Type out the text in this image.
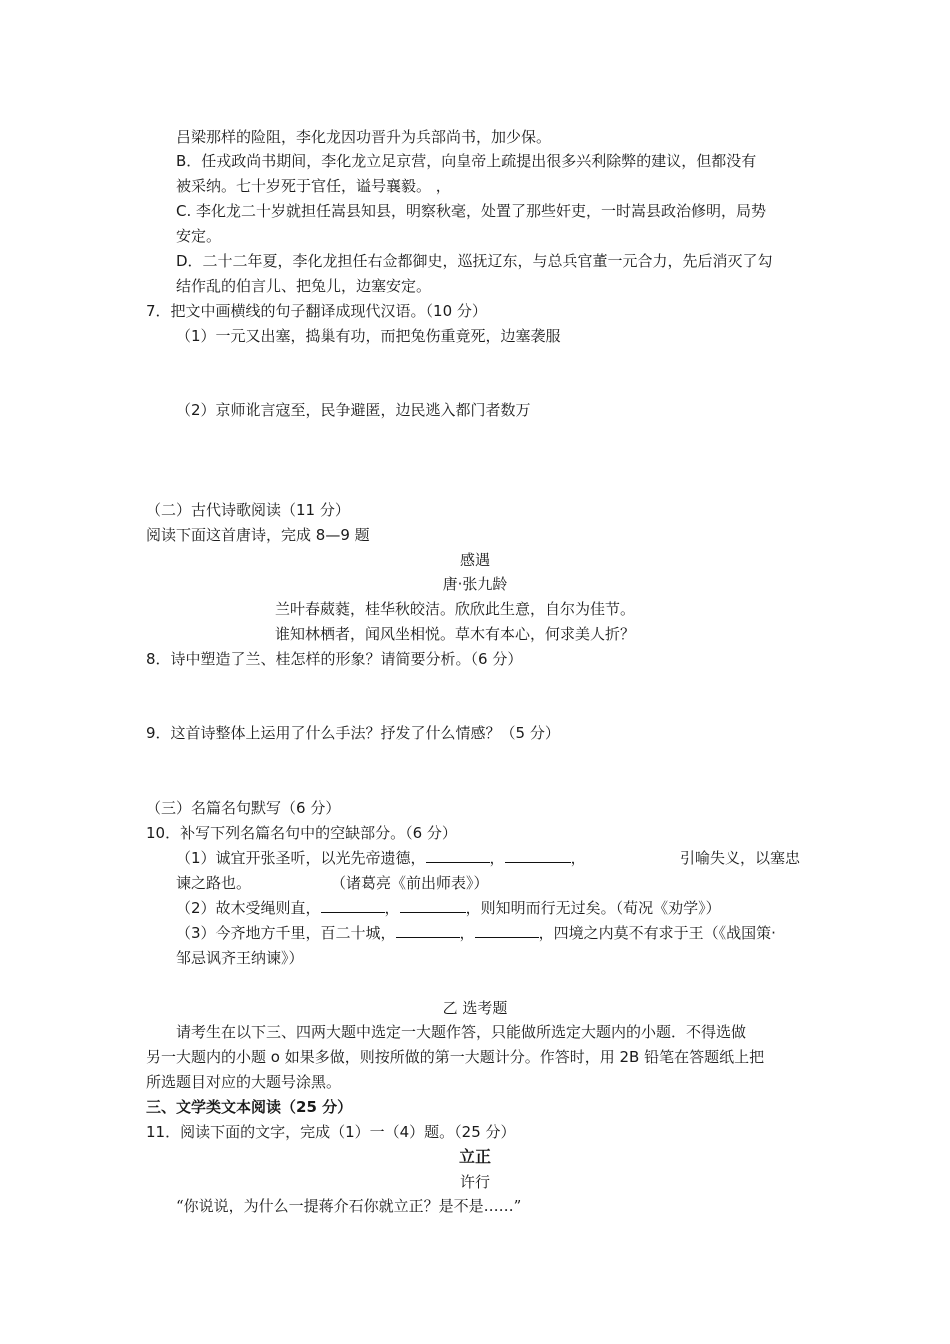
吕梁那样的险阻，李化龙因功晋升为兵部尚书，加少保。
B．任戎政尚书期间，李化龙立足京营，向皇帝上疏提出很多兴利除弊的建议，但都没有
被采纳。七十岁死于官任，谥号襄毅。 ，
C. 李化龙二十岁就担任嵩县知县，明察秋毫，处置了那些奸吏，一时嵩县政治修明，局势
安定。
D．二十二年夏，李化龙担任右佥都御史，巡抚辽东，与总兵官董一元合力，先后消灭了勾
结作乱的伯言儿、把兔儿，边塞安定。
7．把文中画横线的句子翻译成现代汉语。（10 分）
（1）一元又出塞，捣巢有功，而把兔伤重竟死，边塞袭服
（2）京师讹言寇至，民争避匿，边民逃入都门者数万
（二）古代诗歌阅读（11 分）
阅读下面这首唐诗，完成 8—9 题
感遇
唐·张九龄
兰叶春葳蕤，桂华秋皎洁。欣欣此生意，自尔为佳节。
谁知林栖者，闻风坐相悦。草木有本心，何求美人折？
8．诗中塑造了兰、桂怎样的形象？请简要分析。（6 分）
9．这首诗整体上运用了什么手法？抒发了什么情感？（5 分）
（三）名篇名句默写（6 分）
10．补写下列名篇名句中的空缺部分。（6 分）
（1）诚宜开张圣听，以光先帝遗德，	，	，	引喻失义，以塞忠
谏之路也。	（诸葛亮《前出师表》）
（2）故木受绳则直，	，	，则知明而行无过矣。（荀况《劝学》）
（3）今齐地方千里，百二十城，	，	，四境之内莫不有求于王（《战国策·
邹忌讽齐王纳谏》）
乙 选考题
请考生在以下三、四两大题中选定一大题作答，只能做所选定大题内的小题．不得选做
另一大题内的小题 o 如果多做，则按所做的第一大题计分。作答时，用 2B 铅笔在答题纸上把
所选题目对应的大题号涂黑。
三、文学类文本阅读（25 分）
11．阅读下面的文字，完成（1）一（4）题。（25 分）
立正
许行
“你说说，为什么一提蒋介石你就立正？是不是……”
